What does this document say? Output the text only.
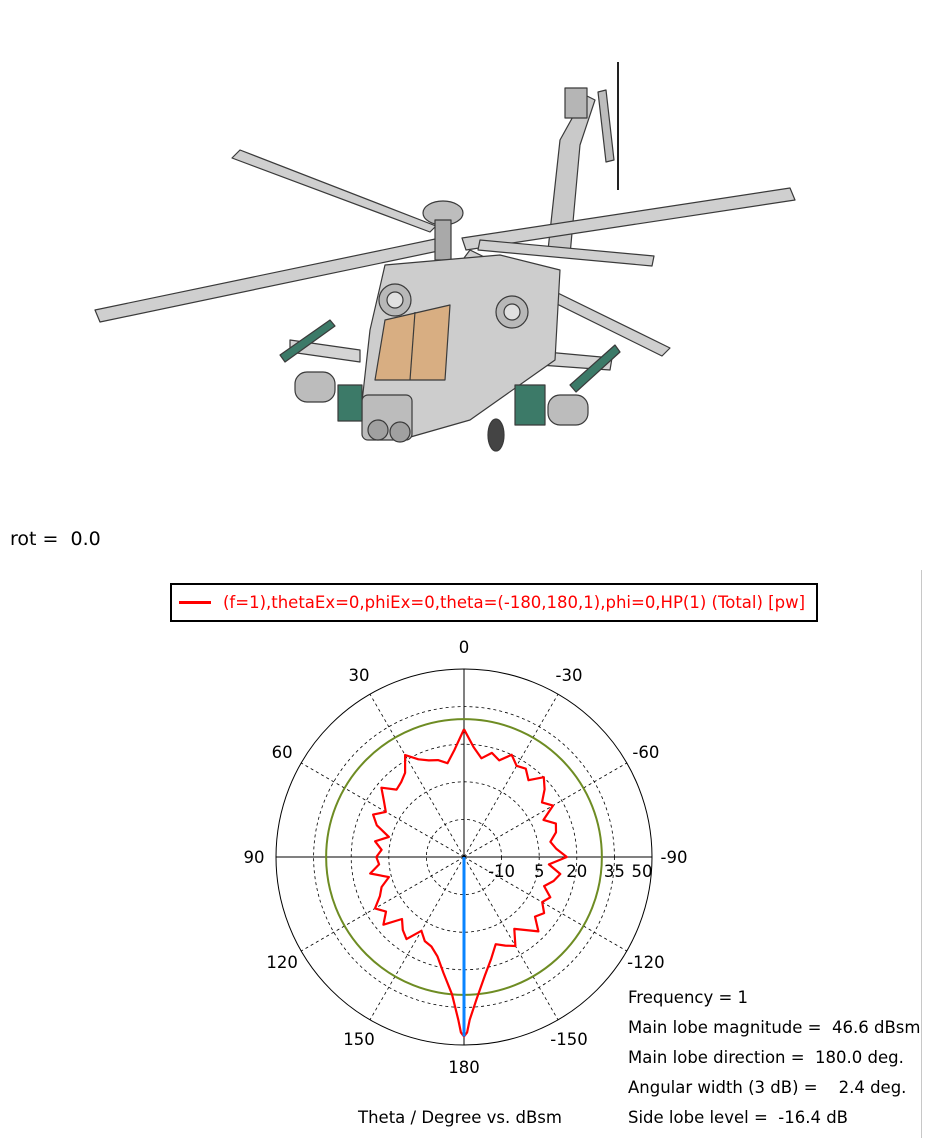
rot =  0.0
(f=1),thetaEx=0,phiEx=0,theta=(-180,180,1),phi=0,HP(1) (Total) [pw]
0
-30
-60
-90
-120
-150
180
150
120
90
60
30
-10 5 20 35 50
Frequency = 1
Main lobe magnitude =  46.6 dBsm
Main lobe direction =  180.0 deg.
Angular width (3 dB) =    2.4 deg.
Side lobe level =  -16.4 dB
Theta / Degree vs. dBsm
